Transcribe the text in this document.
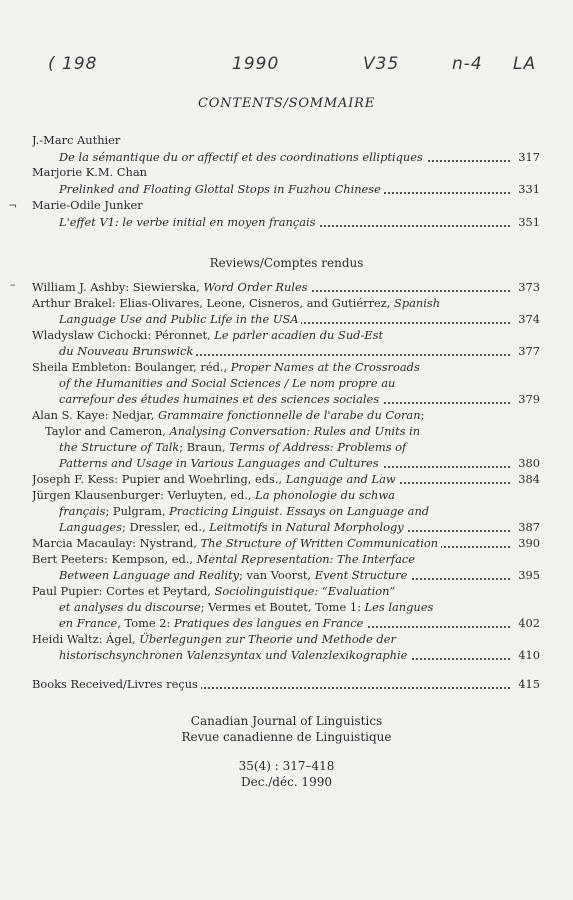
( 198	1990	V35	n-4 LA
CONTENTS/SOMMAIRE
J.-Marc Authier
De la sémantique du or affectif et des coordinations elliptiques	317
Marjorie K.M. Chan
Prelinked and Floating Glottal Stops in Fuzhou Chinese	331
¬ Marie-Odile Junker
L'effet V1: le verbe initial en moyen français	351
Reviews/Comptes rendus
– William J. Ashby: Siewierska, Word Order Rules	373
Arthur Brakel: Elias-Olivares, Leone, Cisneros, and Gutiérrez, Spanish
Language Use and Public Life in the USA	374
Wladyslaw Cichocki: Péronnet, Le parler acadien du Sud-Est
du Nouveau Brunswick	377
Sheila Embleton: Boulanger, réd., Proper Names at the Crossroads
of the Humanities and Social Sciences / Le nom propre au
carrefour des études humaines et des sciences sociales	379
Alan S. Kaye: Nedjar, Grammaire fonctionnelle de l'arabe du Coran;
Taylor and Cameron, Analysing Conversation: Rules and Units in
the Structure of Talk; Braun, Terms of Address: Problems of
Patterns and Usage in Various Languages and Cultures	380
Joseph F. Kess: Pupier and Woehrling, eds., Language and Law	384
Jürgen Klausenburger: Verluyten, ed., La phonologie du schwa
français; Pulgram, Practicing Linguist. Essays on Language and
Languages; Dressler, ed., Leitmotifs in Natural Morphology	387
Marcia Macaulay: Nystrand, The Structure of Written Communication	390
Bert Peeters: Kempson, ed., Mental Representation: The Interface
Between Language and Reality; van Voorst, Event Structure	395
Paul Pupier: Cortes et Peytard, Sociolinguistique: “Evaluation”
et analyses du discourse; Vermes et Boutet, Tome 1: Les langues
en France, Tome 2: Pratiques des langues en France	402
Heidi Waltz: Ágel, Überlegungen zur Theorie und Methode der
historischsynchronen Valenzsyntax und Valenzlexikographie	410
Books Received/Livres reçus	415
Canadian Journal of Linguistics
Revue canadienne de Linguistique
35(4) : 317–418
Dec./déc. 1990
